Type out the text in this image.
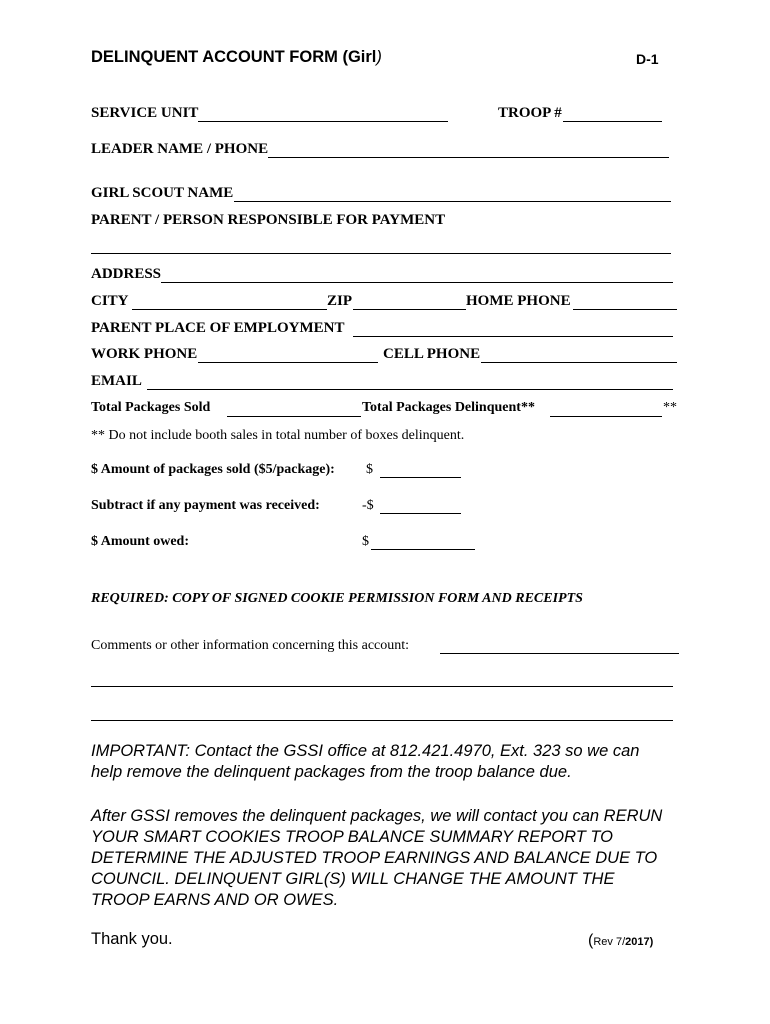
DELINQUENT ACCOUNT FORM (Girl)	D-1
SERVICE UNIT	TROOP #
LEADER NAME / PHONE
GIRL SCOUT NAME
PARENT / PERSON RESPONSIBLE FOR PAYMENT
ADDRESS
CITY	ZIP	HOME PHONE
PARENT PLACE OF EMPLOYMENT
WORK PHONE	CELL PHONE
EMAIL
Total Packages Sold	Total Packages Delinquent**	**
** Do not include booth sales in total number of boxes delinquent.
$ Amount of packages sold ($5/package): $
Subtract if any payment was received:	-$
$ Amount owed:	$
REQUIRED: COPY OF SIGNED COOKIE PERMISSION FORM AND RECEIPTS
Comments or other information concerning this account:
IMPORTANT: Contact the GSSI office at 812.421.4970, Ext. 323 so we can help remove the delinquent packages from the troop balance due.
After GSSI removes the delinquent packages, we will contact you can RERUN YOUR SMART COOKIES TROOP BALANCE SUMMARY REPORT TO DETERMINE THE ADJUSTED TROOP EARNINGS AND BALANCE DUE TO COUNCIL. DELINQUENT GIRL(S) WILL CHANGE THE AMOUNT THE TROOP EARNS AND OR OWES.
Thank you.	(Rev 7/2017)
